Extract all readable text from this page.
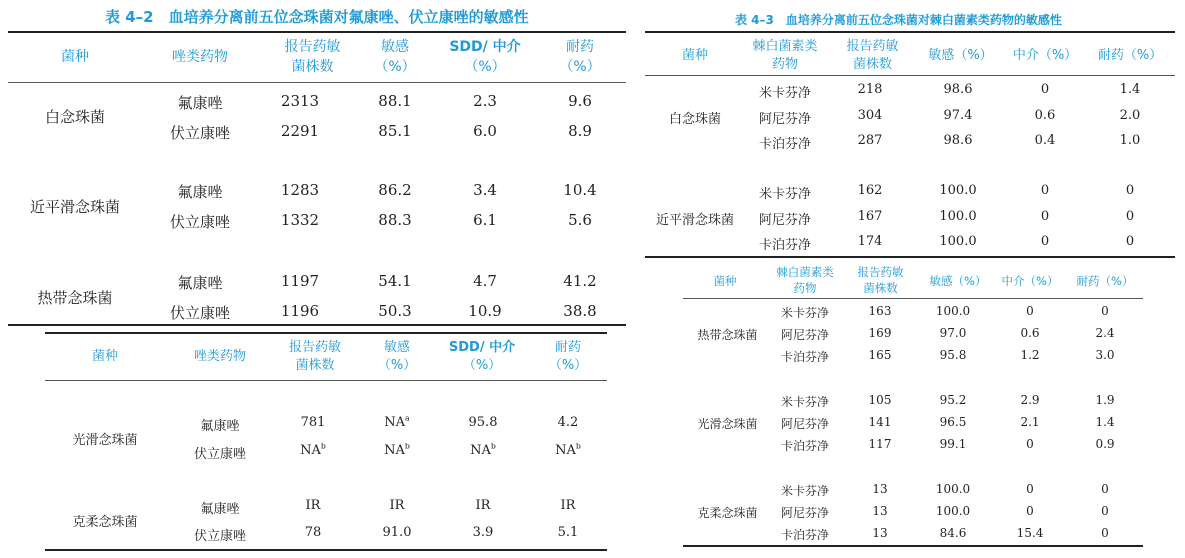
表 4–2　血培养分离前五位念珠菌对氟康唑、伏立康唑的敏感性
菌种	唑类药物
报告药敏
菌株数
敏感
（%）
SDD/ 中介
（%）
耐药
（%）
白念珠菌
氟康唑	2313	88.1	2.3	9.6
伏立康唑	2291	85.1	6.0	8.9
近平滑念珠菌
氟康唑	1283	86.2	3.4	10.4
伏立康唑	1332	88.3	6.1	5.6
热带念珠菌
氟康唑	1197	54.1	4.7	41.2
伏立康唑	1196	50.3	10.9	38.8
菌种	唑类药物
报告药敏
菌株数
敏感
（%）
SDD/ 中介
（%）
耐药
（%）
光滑念珠菌
氟康唑	781	$NA^a$	95.8	4.2
伏立康唑	$NA^b$	$NA^b$	$NA^b$	$NA^b$
克柔念珠菌
氟康唑	IR	IR	IR	IR
伏立康唑	78	91.0	3.9	5.1
表 4–3　血培养分离前五位念珠菌对棘白菌素类药物的敏感性
菌种
棘白菌素类
药物
报告药敏
菌株数
敏感（%）	中介（%）	耐药（%）
白念珠菌
米卡芬净	218	98.6	0	1.4
阿尼芬净	304	97.4	0.6	2.0
卡泊芬净	287	98.6	0.4	1.0
近平滑念珠菌
米卡芬净	162	100.0	0	0
阿尼芬净	167	100.0	0	0
卡泊芬净	174	100.0	0	0
菌种
棘白菌素类
药物
报告药敏
菌株数
敏感（%）	中介（%）	耐药（%）
热带念珠菌
米卡芬净	163	100.0	0	0
阿尼芬净	169	97.0	0.6	2.4
卡泊芬净	165	95.8	1.2	3.0
光滑念珠菌
米卡芬净	105	95.2	2.9	1.9
阿尼芬净	141	96.5	2.1	1.4
卡泊芬净	117	99.1	0	0.9
克柔念珠菌
米卡芬净	13	100.0	0	0
阿尼芬净	13	100.0	0	0
卡泊芬净	13	84.6	15.4	0
